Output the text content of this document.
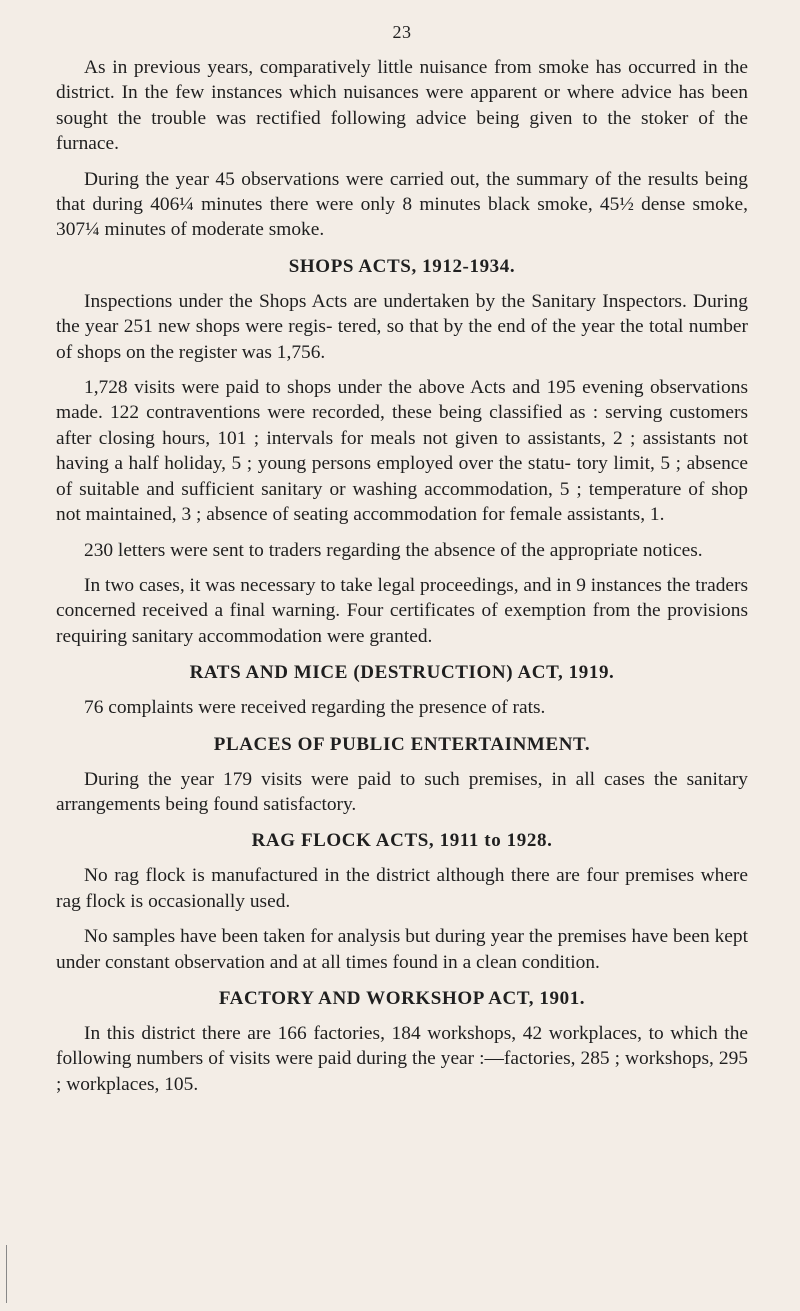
23

As in previous years, comparatively little nuisance from smoke has occurred in the district. In the few instances which nuisances were apparent or where advice has been sought the trouble was rectified following advice being given to the stoker of the furnace.

During the year 45 observations were carried out, the summary of the results being that during 406¼ minutes there were only 8 minutes black smoke, 45½ dense smoke, 307¼ minutes of moderate smoke.

SHOPS ACTS, 1912-1934.

Inspections under the Shops Acts are undertaken by the Sanitary Inspectors. During the year 251 new shops were regis- tered, so that by the end of the year the total number of shops on the register was 1,756.

1,728 visits were paid to shops under the above Acts and 195 evening observations made. 122 contraventions were recorded, these being classified as : serving customers after closing hours, 101 ; intervals for meals not given to assistants, 2 ; assistants not having a half holiday, 5 ; young persons employed over the statu- tory limit, 5 ; absence of suitable and sufficient sanitary or washing accommodation, 5 ; temperature of shop not maintained, 3 ; absence of seating accommodation for female assistants, 1.

230 letters were sent to traders regarding the absence of the appropriate notices.

In two cases, it was necessary to take legal proceedings, and in 9 instances the traders concerned received a final warning. Four certificates of exemption from the provisions requiring sanitary accommodation were granted.

RATS AND MICE (DESTRUCTION) ACT, 1919.

76 complaints were received regarding the presence of rats.

PLACES OF PUBLIC ENTERTAINMENT.

During the year 179 visits were paid to such premises, in all cases the sanitary arrangements being found satisfactory.

RAG FLOCK ACTS, 1911 to 1928.

No rag flock is manufactured in the district although there are four premises where rag flock is occasionally used.

No samples have been taken for analysis but during year the premises have been kept under constant observation and at all times found in a clean condition.

FACTORY AND WORKSHOP ACT, 1901.

In this district there are 166 factories, 184 workshops, 42 workplaces, to which the following numbers of visits were paid during the year :—factories, 285 ; workshops, 295 ; workplaces, 105.
